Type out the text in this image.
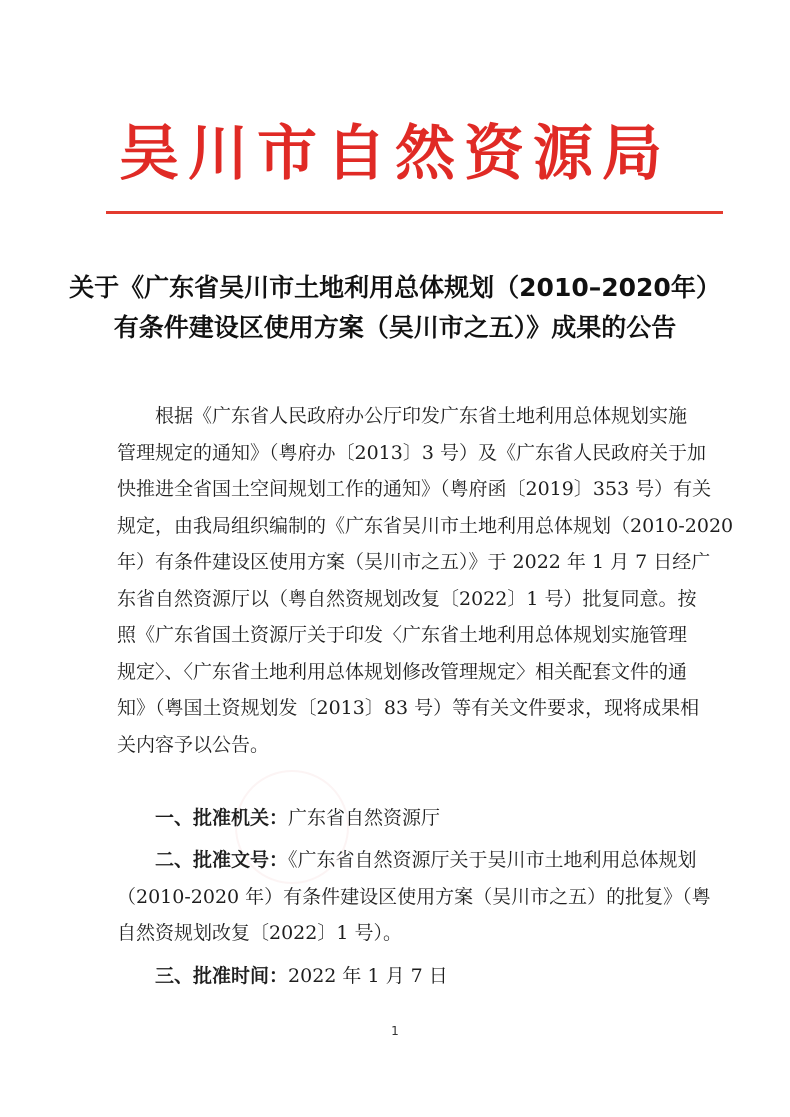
吴川市自然资源局
关于《广东省吴川市土地利用总体规划（2010–2020年）
有条件建设区使用方案（吴川市之五）》成果的公告
根据《广东省人民政府办公厅印发广东省土地利用总体规划实施
管理规定的通知》（粤府办〔2013〕3 号）及《广东省人民政府关于加
快推进全省国土空间规划工作的通知》（粤府函〔2019〕353 号）有关
规定，由我局组织编制的《广东省吴川市土地利用总体规划（2010-2020
年）有条件建设区使用方案（吴川市之五）》于 2022 年 1 月 7 日经广
东省自然资源厅以（粤自然资规划改复〔2022〕1 号）批复同意。按
照《广东省国土资源厅关于印发〈广东省土地利用总体规划实施管理
规定〉、〈广东省土地利用总体规划修改管理规定〉相关配套文件的通
知》（粤国土资规划发〔2013〕83 号）等有关文件要求，现将成果相
关内容予以公告。
一、批准机关：广东省自然资源厅
二、批准文号：《广东省自然资源厅关于吴川市土地利用总体规划
（2010-2020 年）有条件建设区使用方案（吴川市之五）的批复》（粤
自然资规划改复〔2022〕1 号）。
三、批准时间：2022 年 1 月 7 日
1
